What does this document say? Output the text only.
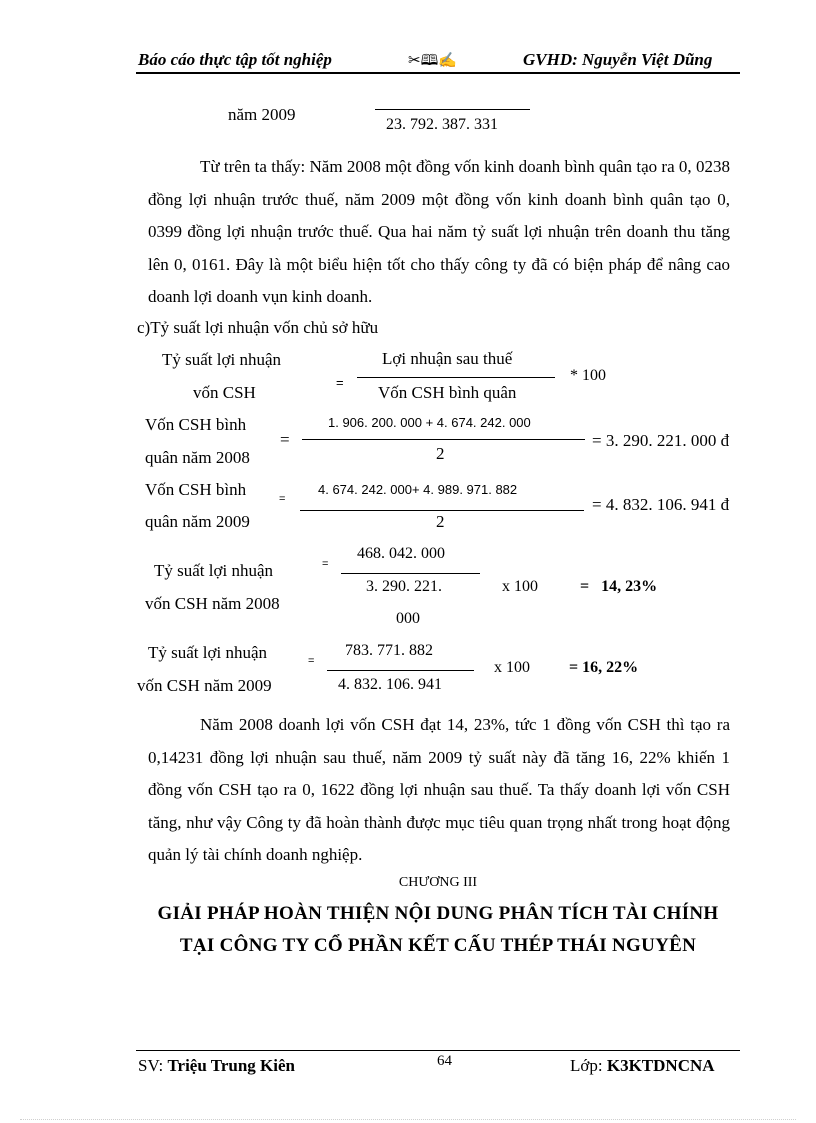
Báo cáo thực tập tốt nghiệp	✂🕮✍	GVHD: Nguyễn Việt Dũng
năm 2009
23. 792. 387. 331
Từ trên ta thấy: Năm 2008 một đồng vốn kinh doanh bình quân tạo ra 0, 0238 đồng lợi nhuận trước thuế, năm 2009 một đồng vốn kinh doanh bình quân tạo 0, 0399 đồng lợi nhuận trước thuế. Qua hai năm tỷ suất lợi nhuận trên doanh thu tăng lên 0, 0161. Đây là một biểu hiện tốt cho thấy công ty đã có biện pháp để nâng cao doanh lợi doanh vụn kinh doanh.
c)Tỷ suất lợi nhuận vốn chủ sở hữu
Tỷ suất lợi nhuận
vốn CSH
=
Lợi nhuận sau thuế
Vốn CSH bình quân
* 100
Vốn CSH bình
quân năm 2008
=
1. 906. 200. 000 + 4. 674. 242. 000
2
= 3. 290. 221. 000 đ
Vốn CSH bình
quân năm 2009
=
4. 674. 242. 000+ 4. 989. 971. 882
2
= 4. 832. 106. 941 đ
Tỷ suất lợi nhuận
vốn CSH năm 2008
=
468. 042. 000
3. 290. 221.
000
x 100	=   14, 23%
Tỷ suất lợi nhuận
vốn CSH năm 2009
=
783. 771. 882
4. 832. 106. 941
x 100 = 16, 22%
Năm 2008 doanh lợi vốn CSH đạt 14, 23%, tức 1 đồng vốn CSH thì tạo ra 0,14231 đồng lợi nhuận sau thuế, năm 2009 tỷ suất này đã tăng 16, 22% khiến 1 đồng vốn CSH tạo ra 0, 1622 đồng lợi nhuận sau thuế. Ta thấy doanh lợi vốn CSH tăng, như vậy Công ty đã hoàn thành được mục tiêu quan trọng nhất trong hoạt động quản lý tài chính doanh nghiệp.
CHƯƠNG III
GIẢI PHÁP HOÀN THIỆN NỘI DUNG PHÂN TÍCH TÀI CHÍNH
TẠI CÔNG TY CỔ PHẦN KẾT CẤU THÉP THÁI NGUYÊN
SV: Triệu Trung Kiên	64	Lớp: K3KTDNCNA
